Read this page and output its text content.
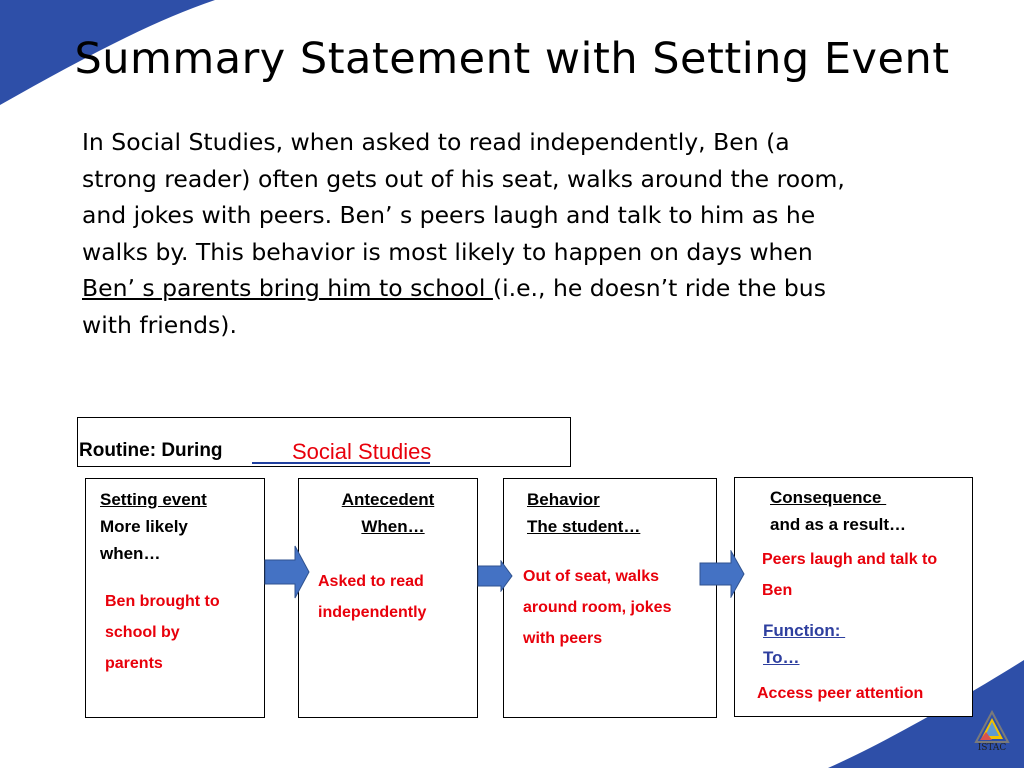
Summary Statement with Setting Event
In Social Studies, when asked to read independently, Ben (a
strong reader) often gets out of his seat, walks around the room,
and jokes with peers. Benʼ s peers laugh and talk to him as he
walks by. This behavior is most likely to happen on days when
Benʼ s parents bring him to school (i.e., he doesn’t ride the bus
with friends).
Routine: During	Social Studies
Setting event
More likely
when…
Ben brought to
school by
parents
Antecedent
When…
Asked to read
independently
Behavior
The student…
Out of seat, walks
around room, jokes
with peers
Consequence
and as a result…
Peers laugh and talk to
Ben
Function:
To…
Access peer attention
ISTAC
